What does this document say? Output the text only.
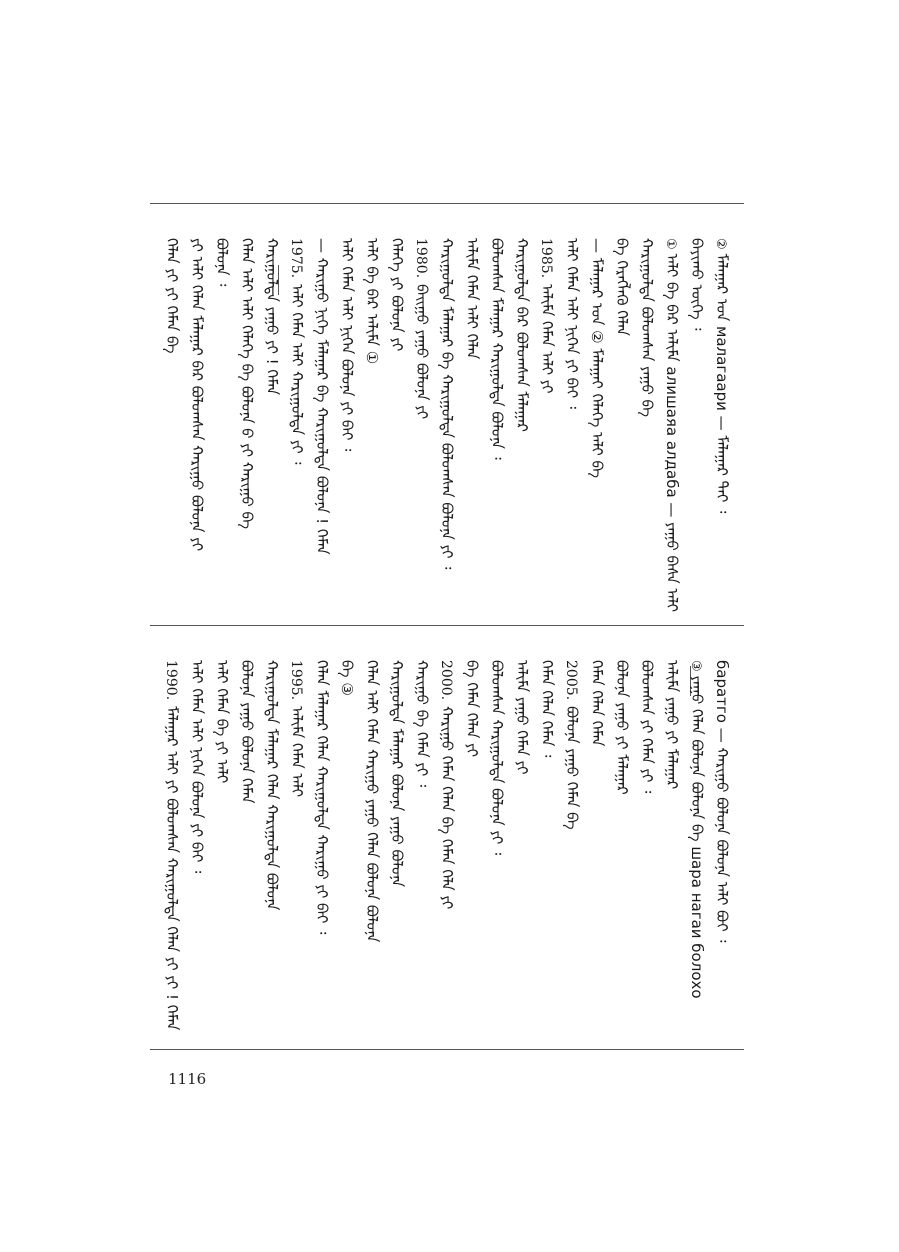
②ᠮᠠᠯᠠᠭᠠᠷ ᠤᠨ малагаари — ᠮᠠᠯᠠᠭᠠᠷ ᠲᠠᠢ ᠄
ᠪᠠᠶᠢᠬᠤ ᠦᠭᠡ ᠄
①ᠠᠯᠢ ᠪᠠ ᠪᠡᠷ ᠠᠯᠢᠮᠠ алишаяа алдаба — ᠶᠠᠭᠤ ᠪᠠᠰᠠ ᠠᠯᠢ
ᠬᠠᠷᠢᠭᠤᠯᠲᠠ ᠪᠣᠯᠤᠭᠰᠠᠨ ᠶᠠᠭᠤ ᠪᠠ
ᠪᠠ ᠬᠡᠷᠡᠭᠯᠡᠬᠦ ᠬᠡᠯᠡᠨ
— ᠮᠠᠯᠠᠭᠠᠷ ᠤᠨ ② ᠮᠠᠯᠠᠭᠠᠢ ᠬᠡᠯᠡᠭᠡ ᠠᠯᠢ ᠪᠠ
ᠠᠯᠢ ᠬᠡᠮᠡᠨ ᠠᠯᠢ ᠨᠢᠭᠡᠨ ᠶᠢ ᠪᠠᠢ ᠄
1985.ᠠᠯᠢᠮᠠ ᠬᠡᠮᠡᠨ ᠠᠯᠢ ᠶᠢ
ᠬᠠᠷᠢᠭᠤᠯᠲᠠ ᠪᠠᠷ ᠪᠣᠯᠤᠭᠰᠠᠨ ᠮᠠᠯᠠᠭᠠᠷ
ᠪᠣᠯᠤᠭᠰᠠᠨ ᠮᠠᠯᠠᠭᠠᠷ ᠬᠠᠷᠢᠭᠤᠯᠲᠠ ᠪᠣᠯᠤᠨᠠ ᠄
ᠠᠯᠢᠮᠠ ᠬᠡᠮᠡᠨ ᠠᠯᠢ ᠬᠡᠯᠡᠨ
ᠬᠠᠷᠢᠭᠤᠯᠲᠠ ᠮᠠᠯᠠᠭᠠᠷ ᠪᠠ ᠬᠠᠷᠢᠭᠤᠯᠲᠠ ᠪᠣᠯᠤᠭᠰᠠᠨ ᠪᠣᠯᠤᠨᠠ ᠶᠢ ᠄
1980.ᠪᠠᠢᠭᠤ ᠶᠠᠭᠤ ᠪᠣᠯᠤᠨᠠ ᠶᠢ
ᠬᠡᠯᠡᠭᠡ ᠶᠢ ᠪᠣᠯᠤᠨᠠ ᠶᠢ
ᠠᠯᠢ ᠪᠠ ᠪᠡᠷ ᠠᠯᠢᠮᠠ ①
ᠠᠯᠢ ᠬᠡᠮᠡᠨ ᠠᠯᠢ ᠨᠢᠭᠡᠨ ᠪᠣᠯᠤᠨᠠ ᠶᠢ ᠪᠠᠢ ᠄
— ᠬᠠᠷᠢᠭᠤ ᠨᠢᠭᠡ ᠮᠠᠯᠠᠭᠠᠷ ᠪᠠ ᠬᠠᠷᠢᠭᠤᠯᠲᠠ ᠪᠣᠯᠤᠨᠠ ! ᠬᠡᠮᠡᠨ
1975.ᠠᠯᠢ ᠬᠡᠮᠡᠨ ᠠᠯᠢ ᠬᠠᠷᠢᠭᠤᠯᠲᠠ ᠶᠢ ᠄
ᠬᠠᠷᠢᠭᠤᠯᠲᠠ ᠶᠠᠭᠤ ᠶᠢ ! ᠬᠡᠮᠡᠨ
ᠬᠡᠯᠡᠨ ᠠᠯᠢ ᠠᠯᠢ ᠬᠡᠯᠡᠭᠡ ᠪᠠ ᠪᠣᠯᠤᠨᠠ ᠪ ᠶᠢ ᠬᠠᠷᠢᠭᠤ ᠪᠠ
ᠪᠣᠯᠤᠨᠠ ᠄
ᠶᠢ ᠠᠯᠢ ᠬᠡᠯᠡᠨ ᠮᠠᠯᠠᠭᠠᠷ ᠪᠠᠷ ᠪᠣᠯᠤᠭᠰᠠᠨ ᠬᠠᠷᠢᠭᠤ ᠪᠣᠯᠤᠨᠠ ᠶᠢ
ᠬᠡᠯᠡᠨ ᠶᠢ ᠶᠢ ᠬᠡᠮᠡᠨ ᠪᠠ
баратго — ᠬᠠᠷᠢᠭᠤ ᠪᠣᠯᠤᠨᠠ ᠪᠣᠯᠤᠨᠠ ᠠᠯᠢ ᠪᠣᠢ ᠄
③ᠶᠠᠭᠤ ᠬᠡᠯᠡᠨ ᠪᠣᠯᠤᠨᠠ ᠪᠣᠯᠤᠨᠠ ᠪᠠ шара нагаи болохо
ᠠᠯᠢᠮᠠ ᠶᠠᠭᠤ ᠶᠢ ᠮᠠᠯᠠᠭᠠᠷ
ᠪᠣᠯᠤᠭᠰᠠᠨ ᠶᠢ ᠬᠡᠮᠡᠨ ᠶᠢ ᠄
ᠪᠣᠯᠤᠨᠠ ᠶᠠᠭᠤ ᠶᠢ ᠮᠠᠯᠠᠭᠠᠷ
ᠬᠡᠮᠡᠨ ᠬᠡᠯᠡᠨ ᠬᠡᠮᠡᠨ
2005.ᠪᠣᠯᠤᠨᠠ ᠶᠠᠭᠤ ᠬᠡᠮᠡᠨ ᠪᠠ
ᠬᠡᠮᠡᠨ ᠬᠡᠯᠡᠨ ᠬᠡᠮᠡᠨ ᠄
ᠠᠯᠢᠮᠠ ᠶᠠᠭᠤ ᠬᠡᠮᠡᠨ ᠶᠢ
ᠪᠣᠯᠤᠭᠰᠠᠨ ᠬᠠᠷᠢᠭᠤᠯᠲᠠ ᠪᠣᠯᠤᠨᠠ ᠶᠢ ᠄
ᠪᠠ ᠬᠡᠮᠡᠨ ᠬᠡᠯᠡᠨ ᠶᠢ
2000.ᠬᠠᠷᠢᠭᠤ ᠬᠡᠮᠡᠨ ᠬᠡᠯᠡᠨ ᠪᠠ ᠬᠡᠮᠡᠨ ᠬᠡᠯᠡ ᠶᠢ
ᠬᠠᠷᠢᠭᠤ ᠪᠠ ᠬᠡᠮᠡᠨ ᠶᠢ ᠄
ᠬᠠᠷᠢᠭᠤᠯᠲᠠ ᠮᠠᠯᠠᠭᠠᠷ ᠪᠣᠯᠤᠨᠠ ᠶᠠᠭᠤ ᠪᠣᠯᠤᠨᠠ
ᠬᠡᠯᠡᠨ ᠠᠯᠢ ᠬᠡᠮᠡᠨ ᠬᠠᠷᠢᠭᠤ ᠶᠠᠭᠤ ᠬᠡᠯᠡᠨ ᠪᠣᠯᠤᠨᠠ ᠪᠣᠯᠤᠨᠠ
ᠪᠠ ③
ᠬᠡᠯᠡᠨ ᠮᠠᠯᠠᠭᠠᠷ ᠬᠡᠯᠡᠨ ᠬᠠᠷᠢᠭᠤᠯᠲᠠ ᠬᠠᠷᠢᠭᠤ ᠶᠢ ᠪᠠᠢ ᠄
1995.ᠠᠯᠢᠮᠠ ᠬᠡᠮᠡᠨ ᠠᠯᠢ
ᠬᠠᠷᠢᠭᠤᠯᠲᠠ ᠮᠠᠯᠠᠭᠠᠷ ᠬᠡᠯᠡᠨ ᠬᠠᠷᠢᠭᠤᠯᠲᠠ ᠪᠣᠯᠤᠨᠠ
ᠪᠣᠯᠤᠨᠠ ᠶᠠᠭᠤ ᠪᠣᠯᠤᠨᠠ ᠬᠡᠮᠡᠨ
ᠠᠯᠢ ᠬᠡᠮᠡᠨ ᠪᠠ ᠶᠢ ᠠᠯᠢ
ᠠᠯᠢ ᠬᠡᠮᠡᠨ ᠠᠯᠢ ᠨᠢᠭᠡᠨ ᠪᠣᠯᠤᠨᠠ ᠶᠢ ᠪᠠᠢ ᠄
1990.ᠮᠠᠯᠠᠭᠠᠷ ᠠᠯᠢ ᠶᠢ ᠪᠣᠯᠤᠭᠰᠠᠨ ᠬᠠᠷᠢᠭᠤᠯᠲᠠ ᠬᠡᠯᠡᠨ ᠶᠢ ᠶᠢ ! ᠬᠡᠮᠡᠨ
1116
